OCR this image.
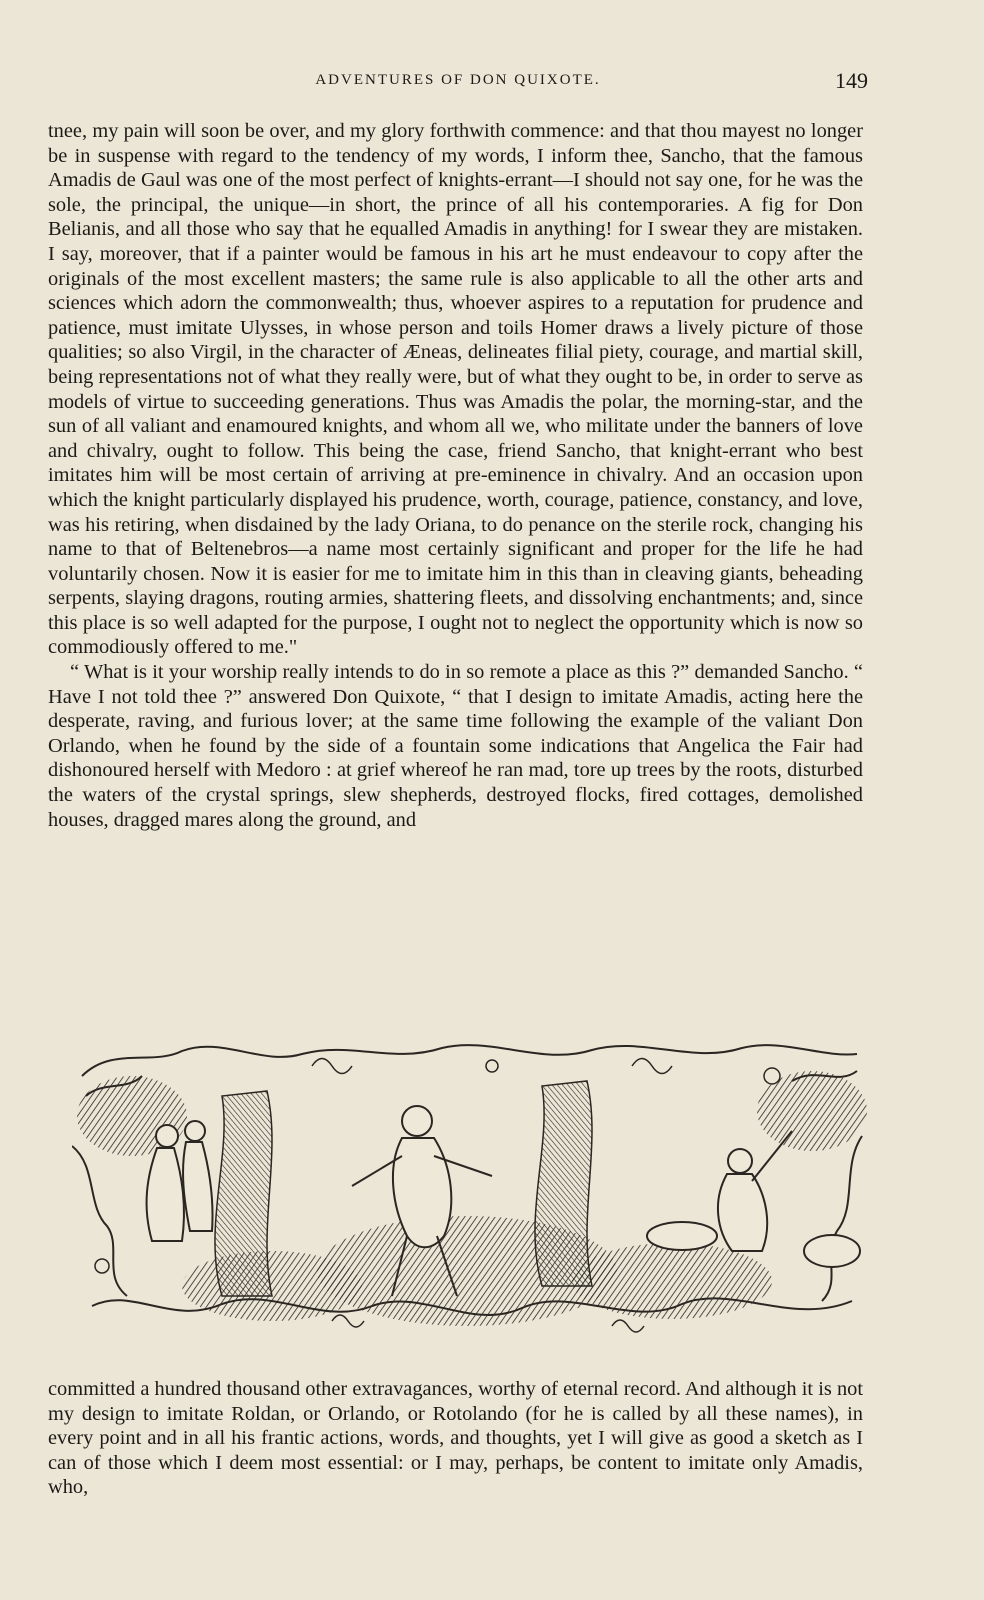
ADVENTURES OF DON QUIXOTE.	149

tnee, my pain will soon be over, and my glory forthwith commence: and that thou mayest no longer be in suspense with regard to the tendency of my words, I inform thee, Sancho, that the famous Amadis de Gaul was one of the most perfect of knights-errant—I should not say one, for he was the sole, the principal, the unique—in short, the prince of all his contemporaries. A fig for Don Belianis, and all those who say that he equalled Amadis in anything! for I swear they are mistaken. I say, moreover, that if a painter would be famous in his art he must endeavour to copy after the originals of the most excellent masters; the same rule is also applicable to all the other arts and sciences which adorn the commonwealth; thus, whoever aspires to a reputation for prudence and patience, must imitate Ulysses, in whose person and toils Homer draws a lively picture of those qualities; so also Virgil, in the character of Æneas, delineates filial piety, courage, and martial skill, being representations not of what they really were, but of what they ought to be, in order to serve as models of virtue to succeeding generations. Thus was Amadis the polar, the morning-star, and the sun of all valiant and enamoured knights, and whom all we, who militate under the banners of love and chivalry, ought to follow. This being the case, friend Sancho, that knight-errant who best imitates him will be most certain of arriving at pre-eminence in chivalry. And an occasion upon which the knight particularly displayed his prudence, worth, courage, patience, constancy, and love, was his retiring, when disdained by the lady Oriana, to do penance on the sterile rock, changing his name to that of Beltenebros—a name most certainly significant and proper for the life he had voluntarily chosen. Now it is easier for me to imitate him in this than in cleaving giants, beheading serpents, slaying dragons, routing armies, shattering fleets, and dissolving enchantments; and, since this place is so well adapted for the purpose, I ought not to neglect the opportunity which is now so commodiously offered to me."

“ What is it your worship really intends to do in so remote a place as this ?” demanded Sancho. “ Have I not told thee ?” answered Don Quixote, “ that I design to imitate Amadis, acting here the desperate, raving, and furious lover; at the same time following the example of the valiant Don Orlando, when he found by the side of a fountain some indications that Angelica the Fair had dishonoured herself with Medoro : at grief whereof he ran mad, tore up trees by the roots, disturbed the waters of the crystal springs, slew shepherds, destroyed flocks, fired cottages, demolished houses, dragged mares along the ground, and

committed a hundred thousand other extravagances, worthy of eternal record. And although it is not my design to imitate Roldan, or Orlando, or Rotolando (for he is called by all these names), in every point and in all his frantic actions, words, and thoughts, yet I will give as good a sketch as I can of those which I deem most essential: or I may, perhaps, be content to imitate only Amadis, who,
